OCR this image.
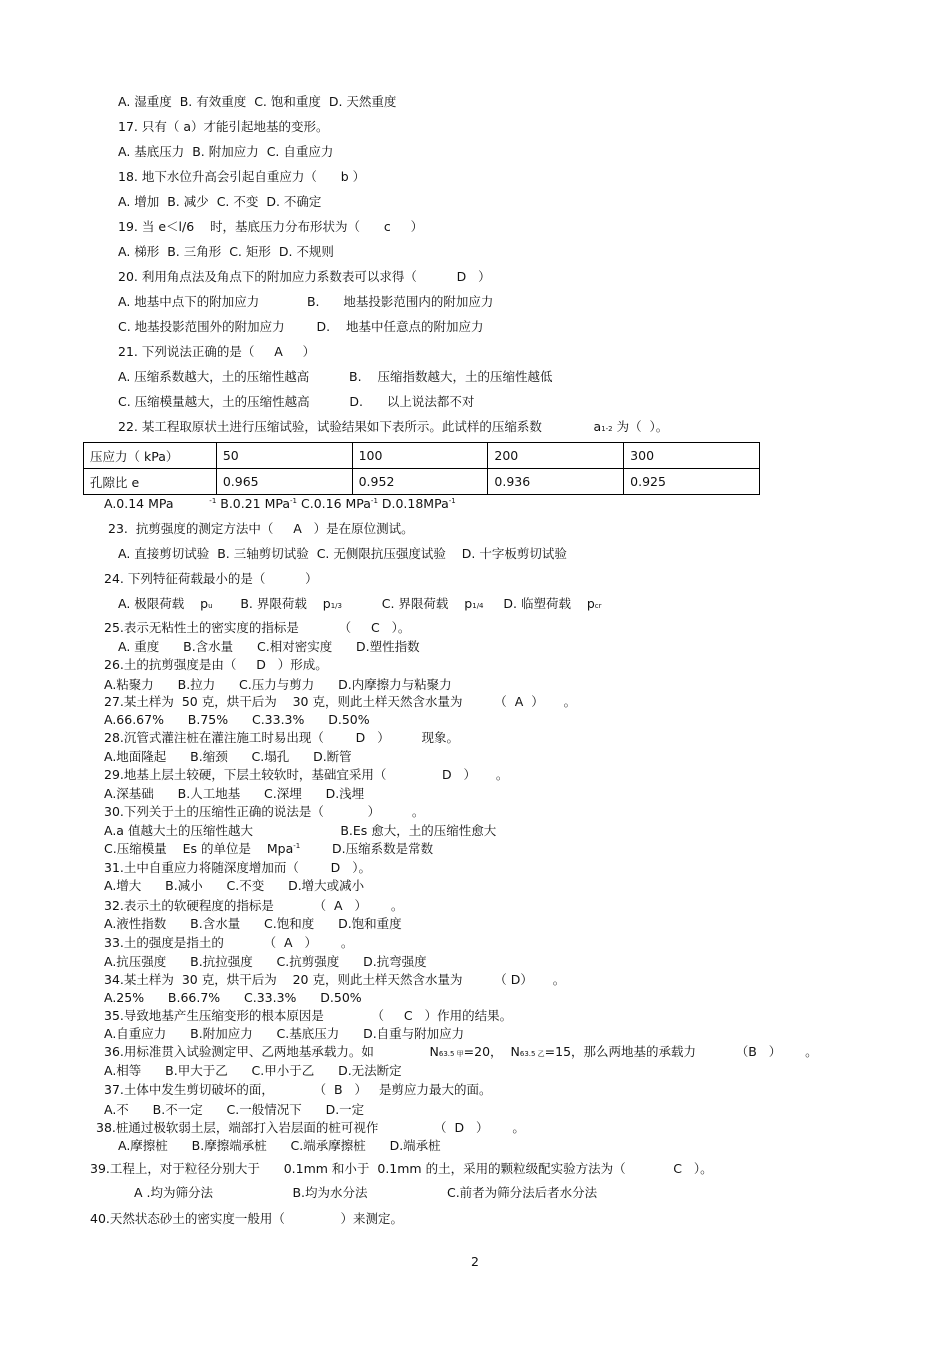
A. 湿重度  B. 有效重度  C. 饱和重度  D. 天然重度
17. 只有（ a）才能引起地基的变形。
A. 基底压力  B. 附加应力  C. 自重应力
18. 地下水位升高会引起自重应力（      b ）
A. 增加  B. 减少  C. 不变  D. 不确定
19. 当 e＜l/6    时，基底压力分布形状为（      c     ）
A. 梯形  B. 三角形  C. 矩形  D. 不规则
20. 利用角点法及角点下的附加应力系数表可以求得（          D   ）
A. 地基中点下的附加应力            B.      地基投影范围内的附加应力
C. 地基投影范围外的附加应力        D.    地基中任意点的附加应力
21. 下列说法正确的是（     A     ）
A. 压缩系数越大，土的压缩性越高          B.    压缩指数越大，土的压缩性越低
C. 压缩模量越大，土的压缩性越高          D.      以上说法都不对
22. 某工程取原状土进行压缩试验，试验结果如下表所示。此试样的压缩系数	a1-2 为（  ）。
压应力（ kPa）	50	100	200	300
孔隙比 e	0.965	0.952	0.936	0.925
A.0.14 MPa	$^{-1}$ B.0.21 MPa$^{-1}$ C.0.16 MPa$^{-1}$ D.0.18MPa$^{-1}$
23.  抗剪强度的测定方法中（     A   ）是在原位测试。
A. 直接剪切试验  B. 三轴剪切试验  C. 无侧限抗压强度试验    D. 十字板剪切试验
24. 下列特征荷载最小的是（          ）
A. 极限荷载    pu       B. 界限荷载    p1/3          C. 界限荷载    p1/4     D. 临塑荷载    pcr
25.表示无粘性土的密实度的指标是          （     C   ）。
A. 重度      B.含水量      C.相对密实度      D.塑性指数
26.土的抗剪强度是由（     D   ）形成。
A.粘聚力      B.拉力      C.压力与剪力      D.内摩擦力与粘聚力
27.某土样为  50 克，烘干后为    30 克，则此土样天然含水量为        （  A  ）     。
A.66.67%      B.75%      C.33.3%      D.50%
28.沉管式灌注桩在灌注施工时易出现（        D   ）        现象。
A.地面隆起      B.缩颈      C.塌孔      D.断管
29.地基上层土较硬，下层土较软时，基础宜采用（              D   ）     。
A.深基础      B.人工地基      C.深埋      D.浅埋
30.下列关于土的压缩性正确的说法是（           ）        。
A.a 值越大土的压缩性越大                      B.Es 愈大，土的压缩性愈大
C.压缩模量    Es 的单位是    Mpa$^{-1}$        D.压缩系数是常数
31.土中自重应力将随深度增加而（        D   ）。
A.增大      B.减小      C.不变      D.增大或减小
32.表示土的软硬程度的指标是          （  A   ）      。
A.液性指数      B.含水量      C.饱和度      D.饱和重度
33.土的强度是指土的          （  A   ）      。
A.抗压强度      B.抗拉强度      C.抗剪强度      D.抗弯强度
34.某土样为  30 克，烘干后为    20 克，则此土样天然含水量为        （ D）     。
A.25%      B.66.7%      C.33.3%      D.50%
35.导致地基产生压缩变形的根本原因是            （     C   ）作用的结果。
A.自重应力      B.附加应力      C.基底压力      D.自重与附加应力
36.用标准贯入试验测定甲、乙两地基承载力。如              N63.5 甲=20，  N63.5 乙=15，那么两地基的承载力          （B   ）      。
A.相等      B.甲大于乙      C.甲小于乙      D.无法断定
37.土体中发生剪切破坏的面，          （  B   ）   是剪应力最大的面。
A.不      B.不一定      C.一般情况下      D.一定
38.桩通过极软弱土层，端部打入岩层面的桩可视作              （  D   ）      。
A.摩擦桩      B.摩擦端承桩      C.端承摩擦桩      D.端承桩
39.工程上，对于粒径分别大于      0.1mm 和小于  0.1mm 的土，采用的颗粒级配实验方法为（            C   ）。
A .均为筛分法                    B.均为水分法                    C.前者为筛分法后者水分法
40.天然状态砂土的密实度一般用（              ）来测定。
2
